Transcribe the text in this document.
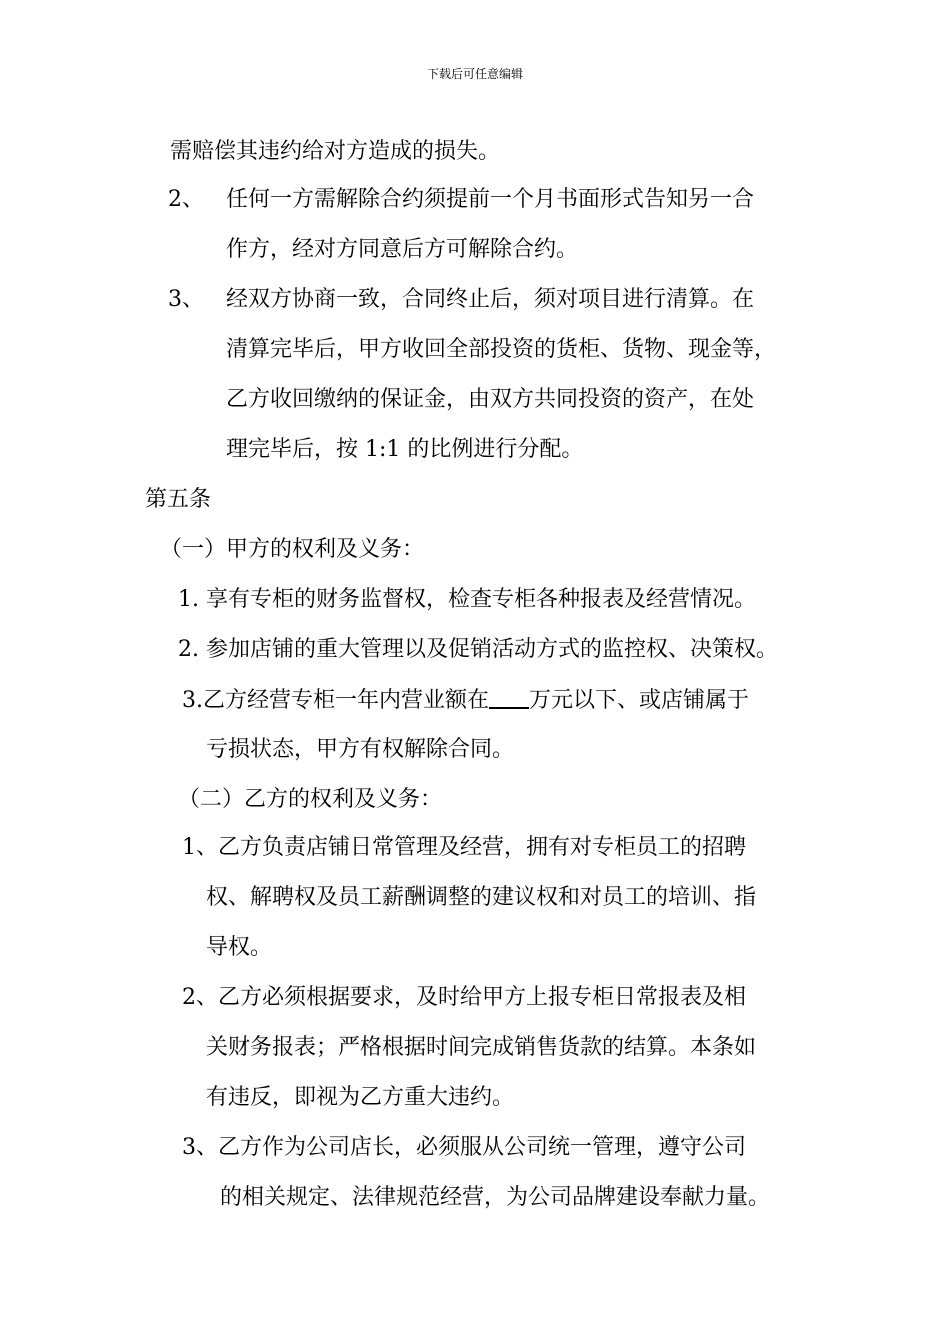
下载后可任意编辑
需赔偿其违约给对方造成的损失。
2、 任何一方需解除合约须提前一个月书面形式告知另一合
作方，经对方同意后方可解除合约。
3、 经双方协商一致，合同终止后，须对项目进行清算。在
清算完毕后，甲方收回全部投资的货柜、货物、现金等，
乙方收回缴纳的保证金，由双方共同投资的资产，在处
理完毕后，按 1:1 的比例进行分配。
第五条
（一）甲方的权利及义务：
1. 享有专柜的财务监督权，检查专柜各种报表及经营情况。
2. 参加店铺的重大管理以及促销活动方式的监控权、决策权。
3.乙方经营专柜一年内营业额在 万元以下、或店铺属于
亏损状态，甲方有权解除合同。
（二）乙方的权利及义务：
1、乙方负责店铺日常管理及经营，拥有对专柜员工的招聘
权、解聘权及员工薪酬调整的建议权和对员工的培训、指
导权。
2、乙方必须根据要求，及时给甲方上报专柜日常报表及相
关财务报表；严格根据时间完成销售货款的结算。本条如
有违反，即视为乙方重大违约。
3、乙方作为公司店长，必须服从公司统一管理，遵守公司
的相关规定、法律规范经营，为公司品牌建设奉献力量。
